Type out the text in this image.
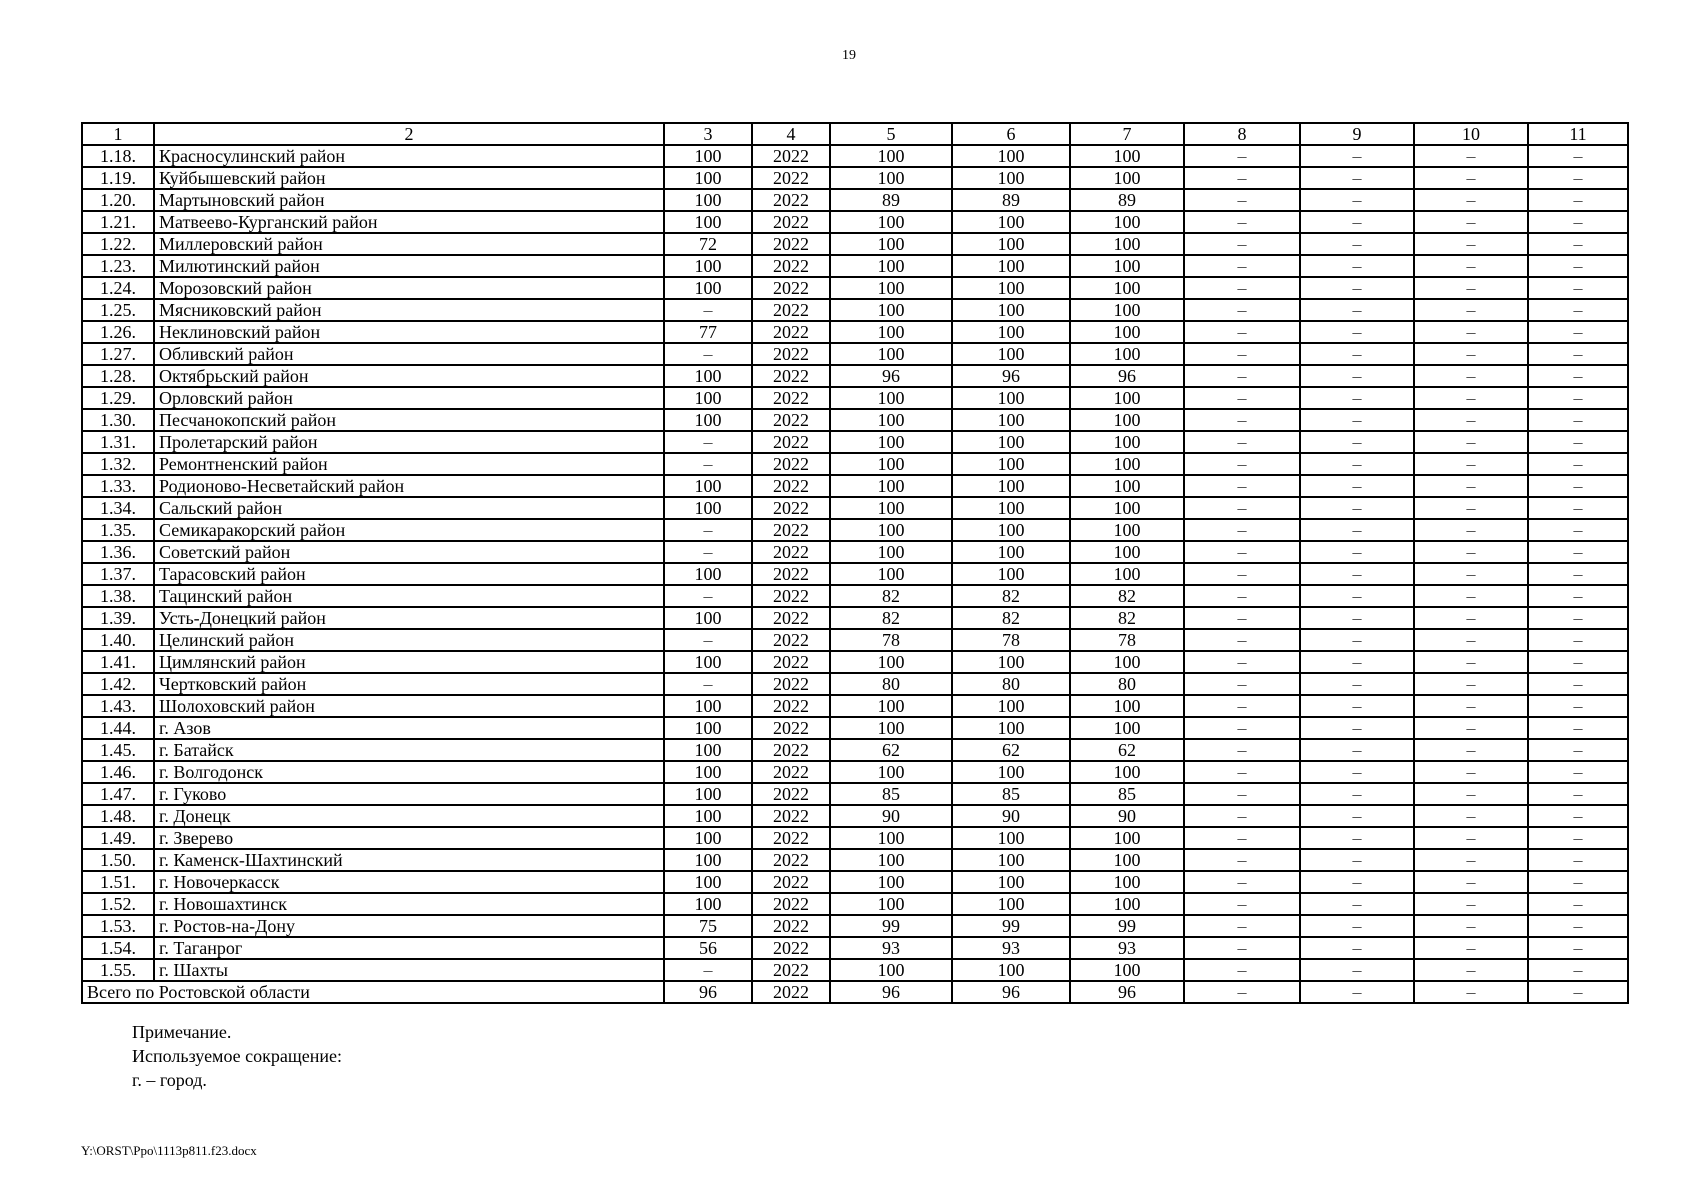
19
1	2	3	4	5	6	7	8	9	10	11
1.18.	Красносулинский район	100	2022	100	100	100	–	–	–	–
1.19.	Куйбышевский район	100	2022	100	100	100	–	–	–	–
1.20.	Мартыновский район	100	2022	89	89	89	–	–	–	–
1.21.	Матвеево-Курганский район	100	2022	100	100	100	–	–	–	–
1.22.	Миллеровский район	72	2022	100	100	100	–	–	–	–
1.23.	Милютинский район	100	2022	100	100	100	–	–	–	–
1.24.	Морозовский район	100	2022	100	100	100	–	–	–	–
1.25.	Мясниковский район	–	2022	100	100	100	–	–	–	–
1.26.	Неклиновский район	77	2022	100	100	100	–	–	–	–
1.27.	Обливский район	–	2022	100	100	100	–	–	–	–
1.28.	Октябрьский район	100	2022	96	96	96	–	–	–	–
1.29.	Орловский район	100	2022	100	100	100	–	–	–	–
1.30.	Песчанокопский район	100	2022	100	100	100	–	–	–	–
1.31.	Пролетарский район	–	2022	100	100	100	–	–	–	–
1.32.	Ремонтненский район	–	2022	100	100	100	–	–	–	–
1.33.	Родионово-Несветайский район	100	2022	100	100	100	–	–	–	–
1.34.	Сальский район	100	2022	100	100	100	–	–	–	–
1.35.	Семикаракорский район	–	2022	100	100	100	–	–	–	–
1.36.	Советский район	–	2022	100	100	100	–	–	–	–
1.37.	Тарасовский район	100	2022	100	100	100	–	–	–	–
1.38.	Тацинский район	–	2022	82	82	82	–	–	–	–
1.39.	Усть-Донецкий район	100	2022	82	82	82	–	–	–	–
1.40.	Целинский район	–	2022	78	78	78	–	–	–	–
1.41.	Цимлянский район	100	2022	100	100	100	–	–	–	–
1.42.	Чертковский район	–	2022	80	80	80	–	–	–	–
1.43.	Шолоховский район	100	2022	100	100	100	–	–	–	–
1.44.	г. Азов	100	2022	100	100	100	–	–	–	–
1.45.	г. Батайск	100	2022	62	62	62	–	–	–	–
1.46.	г. Волгодонск	100	2022	100	100	100	–	–	–	–
1.47.	г. Гуково	100	2022	85	85	85	–	–	–	–
1.48.	г. Донецк	100	2022	90	90	90	–	–	–	–
1.49.	г. Зверево	100	2022	100	100	100	–	–	–	–
1.50.	г. Каменск-Шахтинский	100	2022	100	100	100	–	–	–	–
1.51.	г. Новочеркасск	100	2022	100	100	100	–	–	–	–
1.52.	г. Новошахтинск	100	2022	100	100	100	–	–	–	–
1.53.	г. Ростов-на-Дону	75	2022	99	99	99	–	–	–	–
1.54.	г. Таганрог	56	2022	93	93	93	–	–	–	–
1.55.	г. Шахты	–	2022	100	100	100	–	–	–	–
Всего по Ростовской области		96	2022	96	96	96	–	–	–	–
Примечание.
Используемое сокращение:
г. – город.
Y:\ORST\Ppo\1113p811.f23.docx
